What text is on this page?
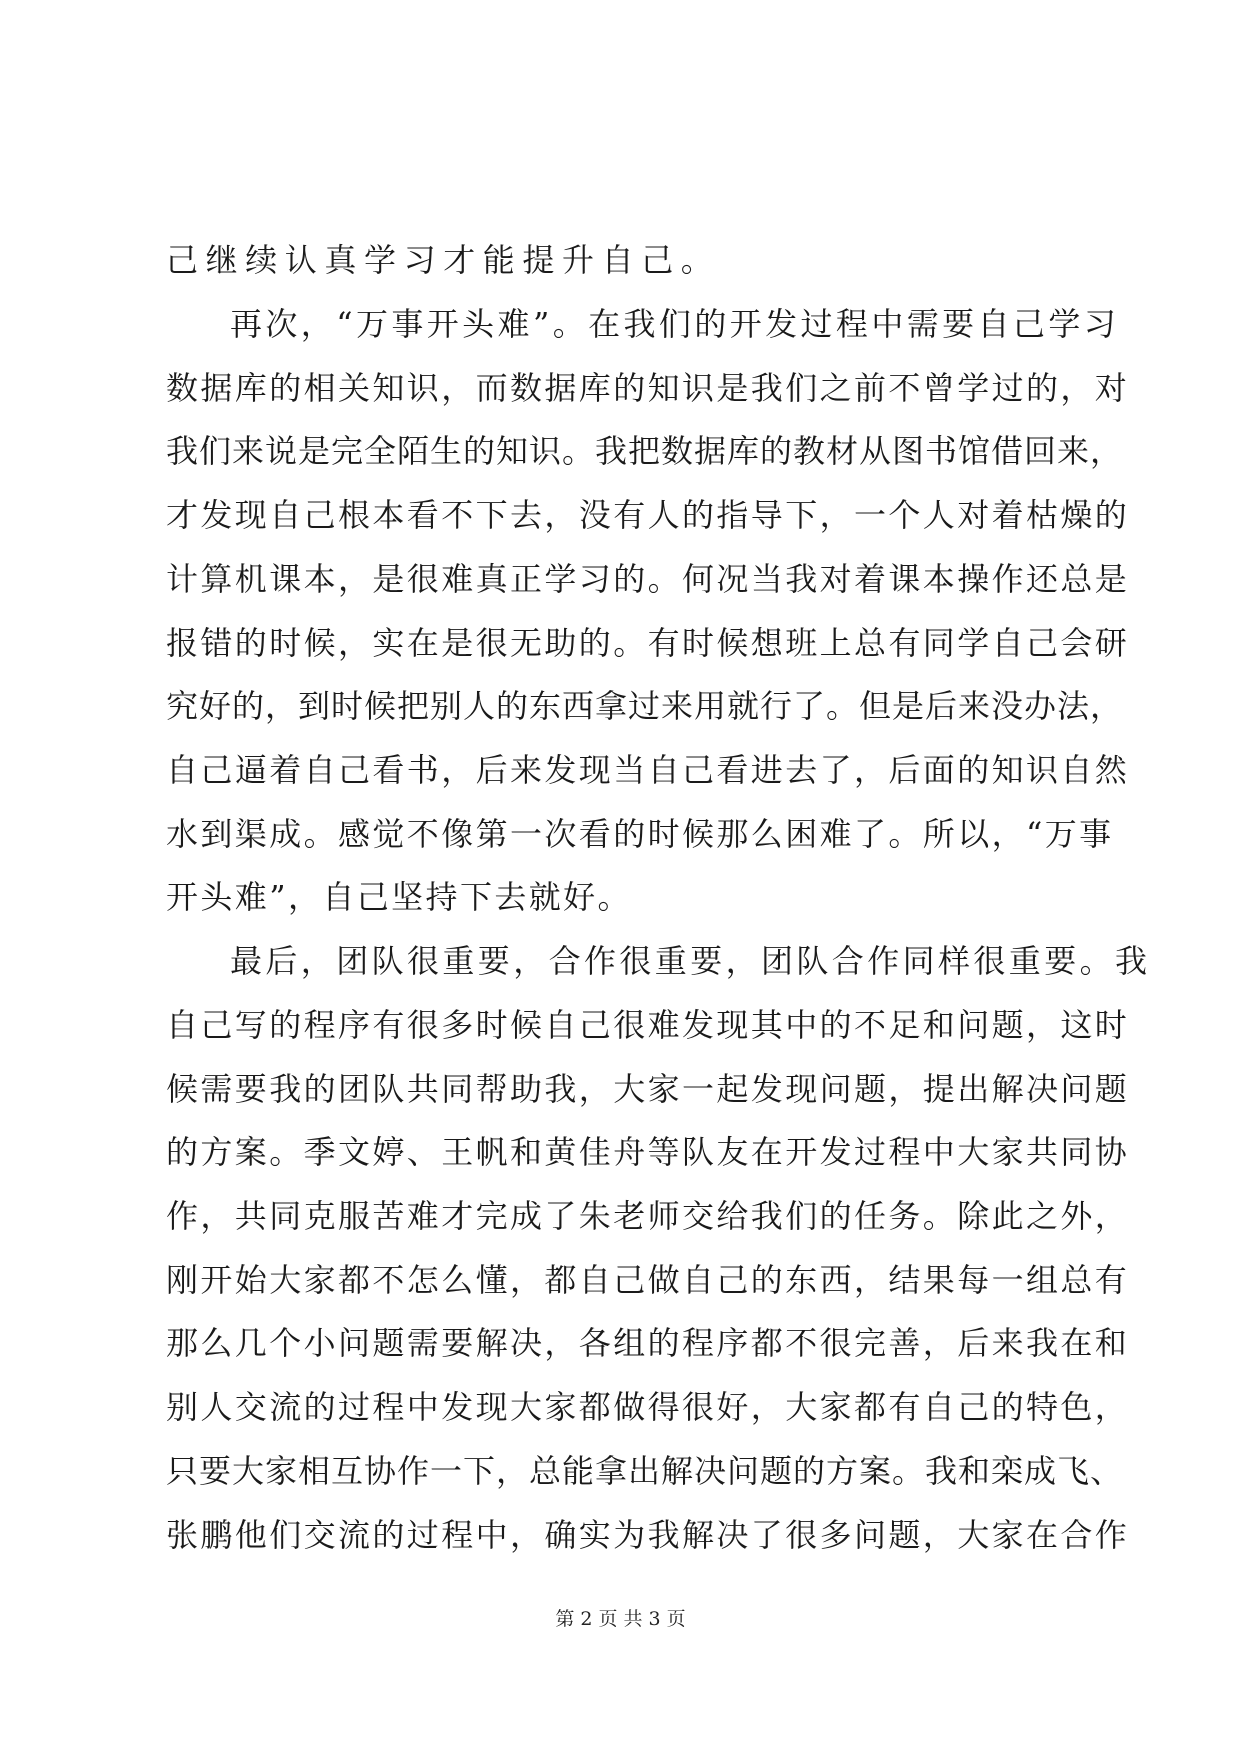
己继续认真学习才能提升自己。
再次，“万事开头难”。在我们的开发过程中需要自己学习
数据库的相关知识，而数据库的知识是我们之前不曾学过的，对
我们来说是完全陌生的知识。我把数据库的教材从图书馆借回来，
才发现自己根本看不下去，没有人的指导下，一个人对着枯燥的
计算机课本，是很难真正学习的。何况当我对着课本操作还总是
报错的时候，实在是很无助的。有时候想班上总有同学自己会研
究好的，到时候把别人的东西拿过来用就行了。但是后来没办法，
自己逼着自己看书，后来发现当自己看进去了，后面的知识自然
水到渠成。感觉不像第一次看的时候那么困难了。所以，“万事
开头难”，自己坚持下去就好。
最后，团队很重要，合作很重要，团队合作同样很重要。我
自己写的程序有很多时候自己很难发现其中的不足和问题，这时
候需要我的团队共同帮助我，大家一起发现问题，提出解决问题
的方案。季文婷、王帆和黄佳舟等队友在开发过程中大家共同协
作，共同克服苦难才完成了朱老师交给我们的任务。除此之外，
刚开始大家都不怎么懂，都自己做自己的东西，结果每一组总有
那么几个小问题需要解决，各组的程序都不很完善，后来我在和
别人交流的过程中发现大家都做得很好，大家都有自己的特色，
只要大家相互协作一下，总能拿出解决问题的方案。我和栾成飞、
张鹏他们交流的过程中，确实为我解决了很多问题，大家在合作
第 2 页 共 3 页
